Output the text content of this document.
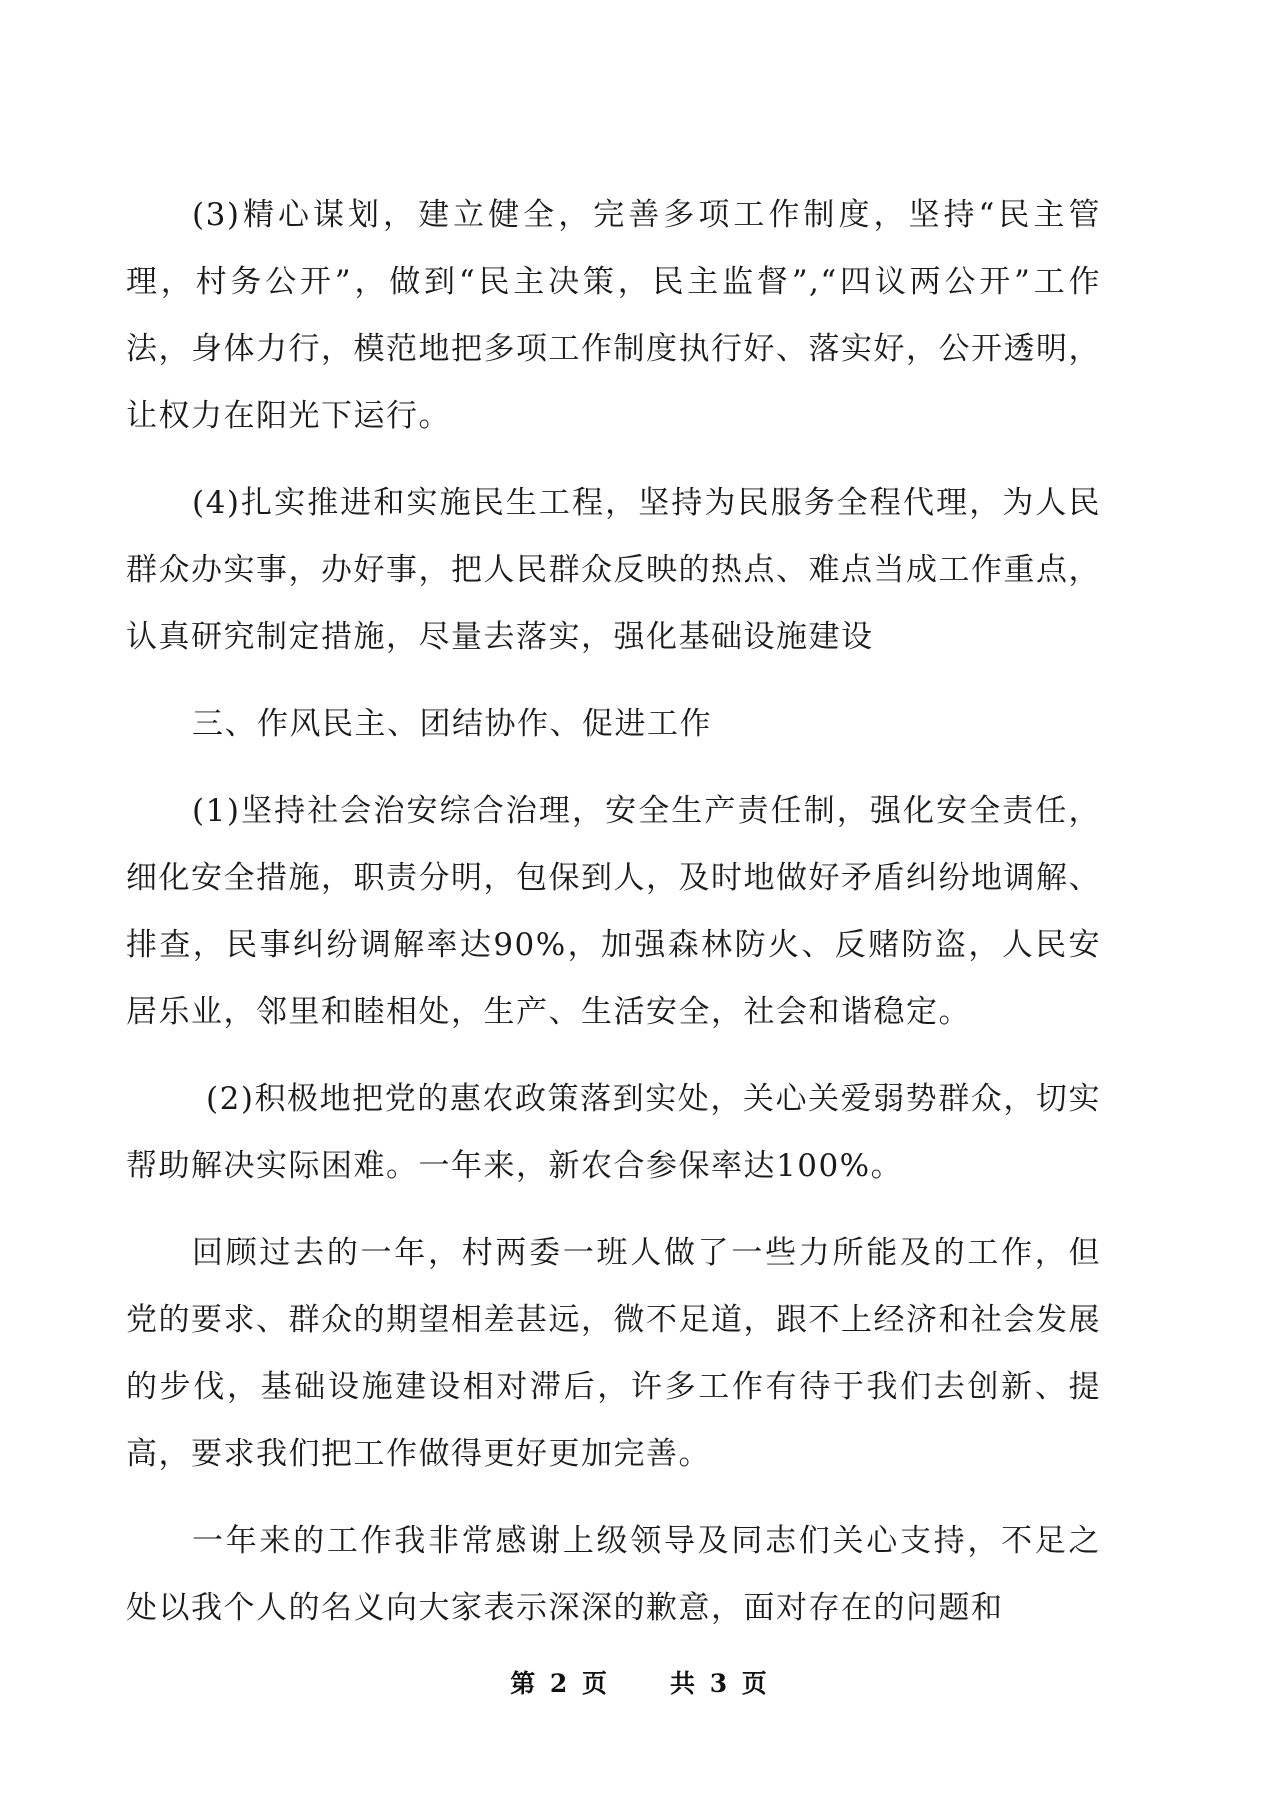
(3)精心谋划，建立健全，完善多项工作制度，坚持“民主管理，村务公开”，做到“民主决策，民主监督”,“四议两公开”工作法，身体力行，模范地把多项工作制度执行好、落实好，公开透明，让权力在阳光下运行。

(4)扎实推进和实施民生工程，坚持为民服务全程代理，为人民群众办实事，办好事，把人民群众反映的热点、难点当成工作重点，认真研究制定措施，尽量去落实，强化基础设施建设

三、作风民主、团结协作、促进工作

(1)坚持社会治安综合治理，安全生产责任制，强化安全责任，细化安全措施，职责分明，包保到人，及时地做好矛盾纠纷地调解、排查，民事纠纷调解率达90%，加强森林防火、反赌防盗，人民安居乐业，邻里和睦相处，生产、生活安全，社会和谐稳定。

(2)积极地把党的惠农政策落到实处，关心关爱弱势群众，切实帮助解决实际困难。一年来，新农合参保率达100%。

回顾过去的一年，村两委一班人做了一些力所能及的工作，但党的要求、群众的期望相差甚远，微不足道，跟不上经济和社会发展的步伐，基础设施建设相对滞后，许多工作有待于我们去创新、提高，要求我们把工作做得更好更加完善。

一年来的工作我非常感谢上级领导及同志们关心支持，不足之处以我个人的名义向大家表示深深的歉意，面对存在的问题和

第 2 页 共 3 页
